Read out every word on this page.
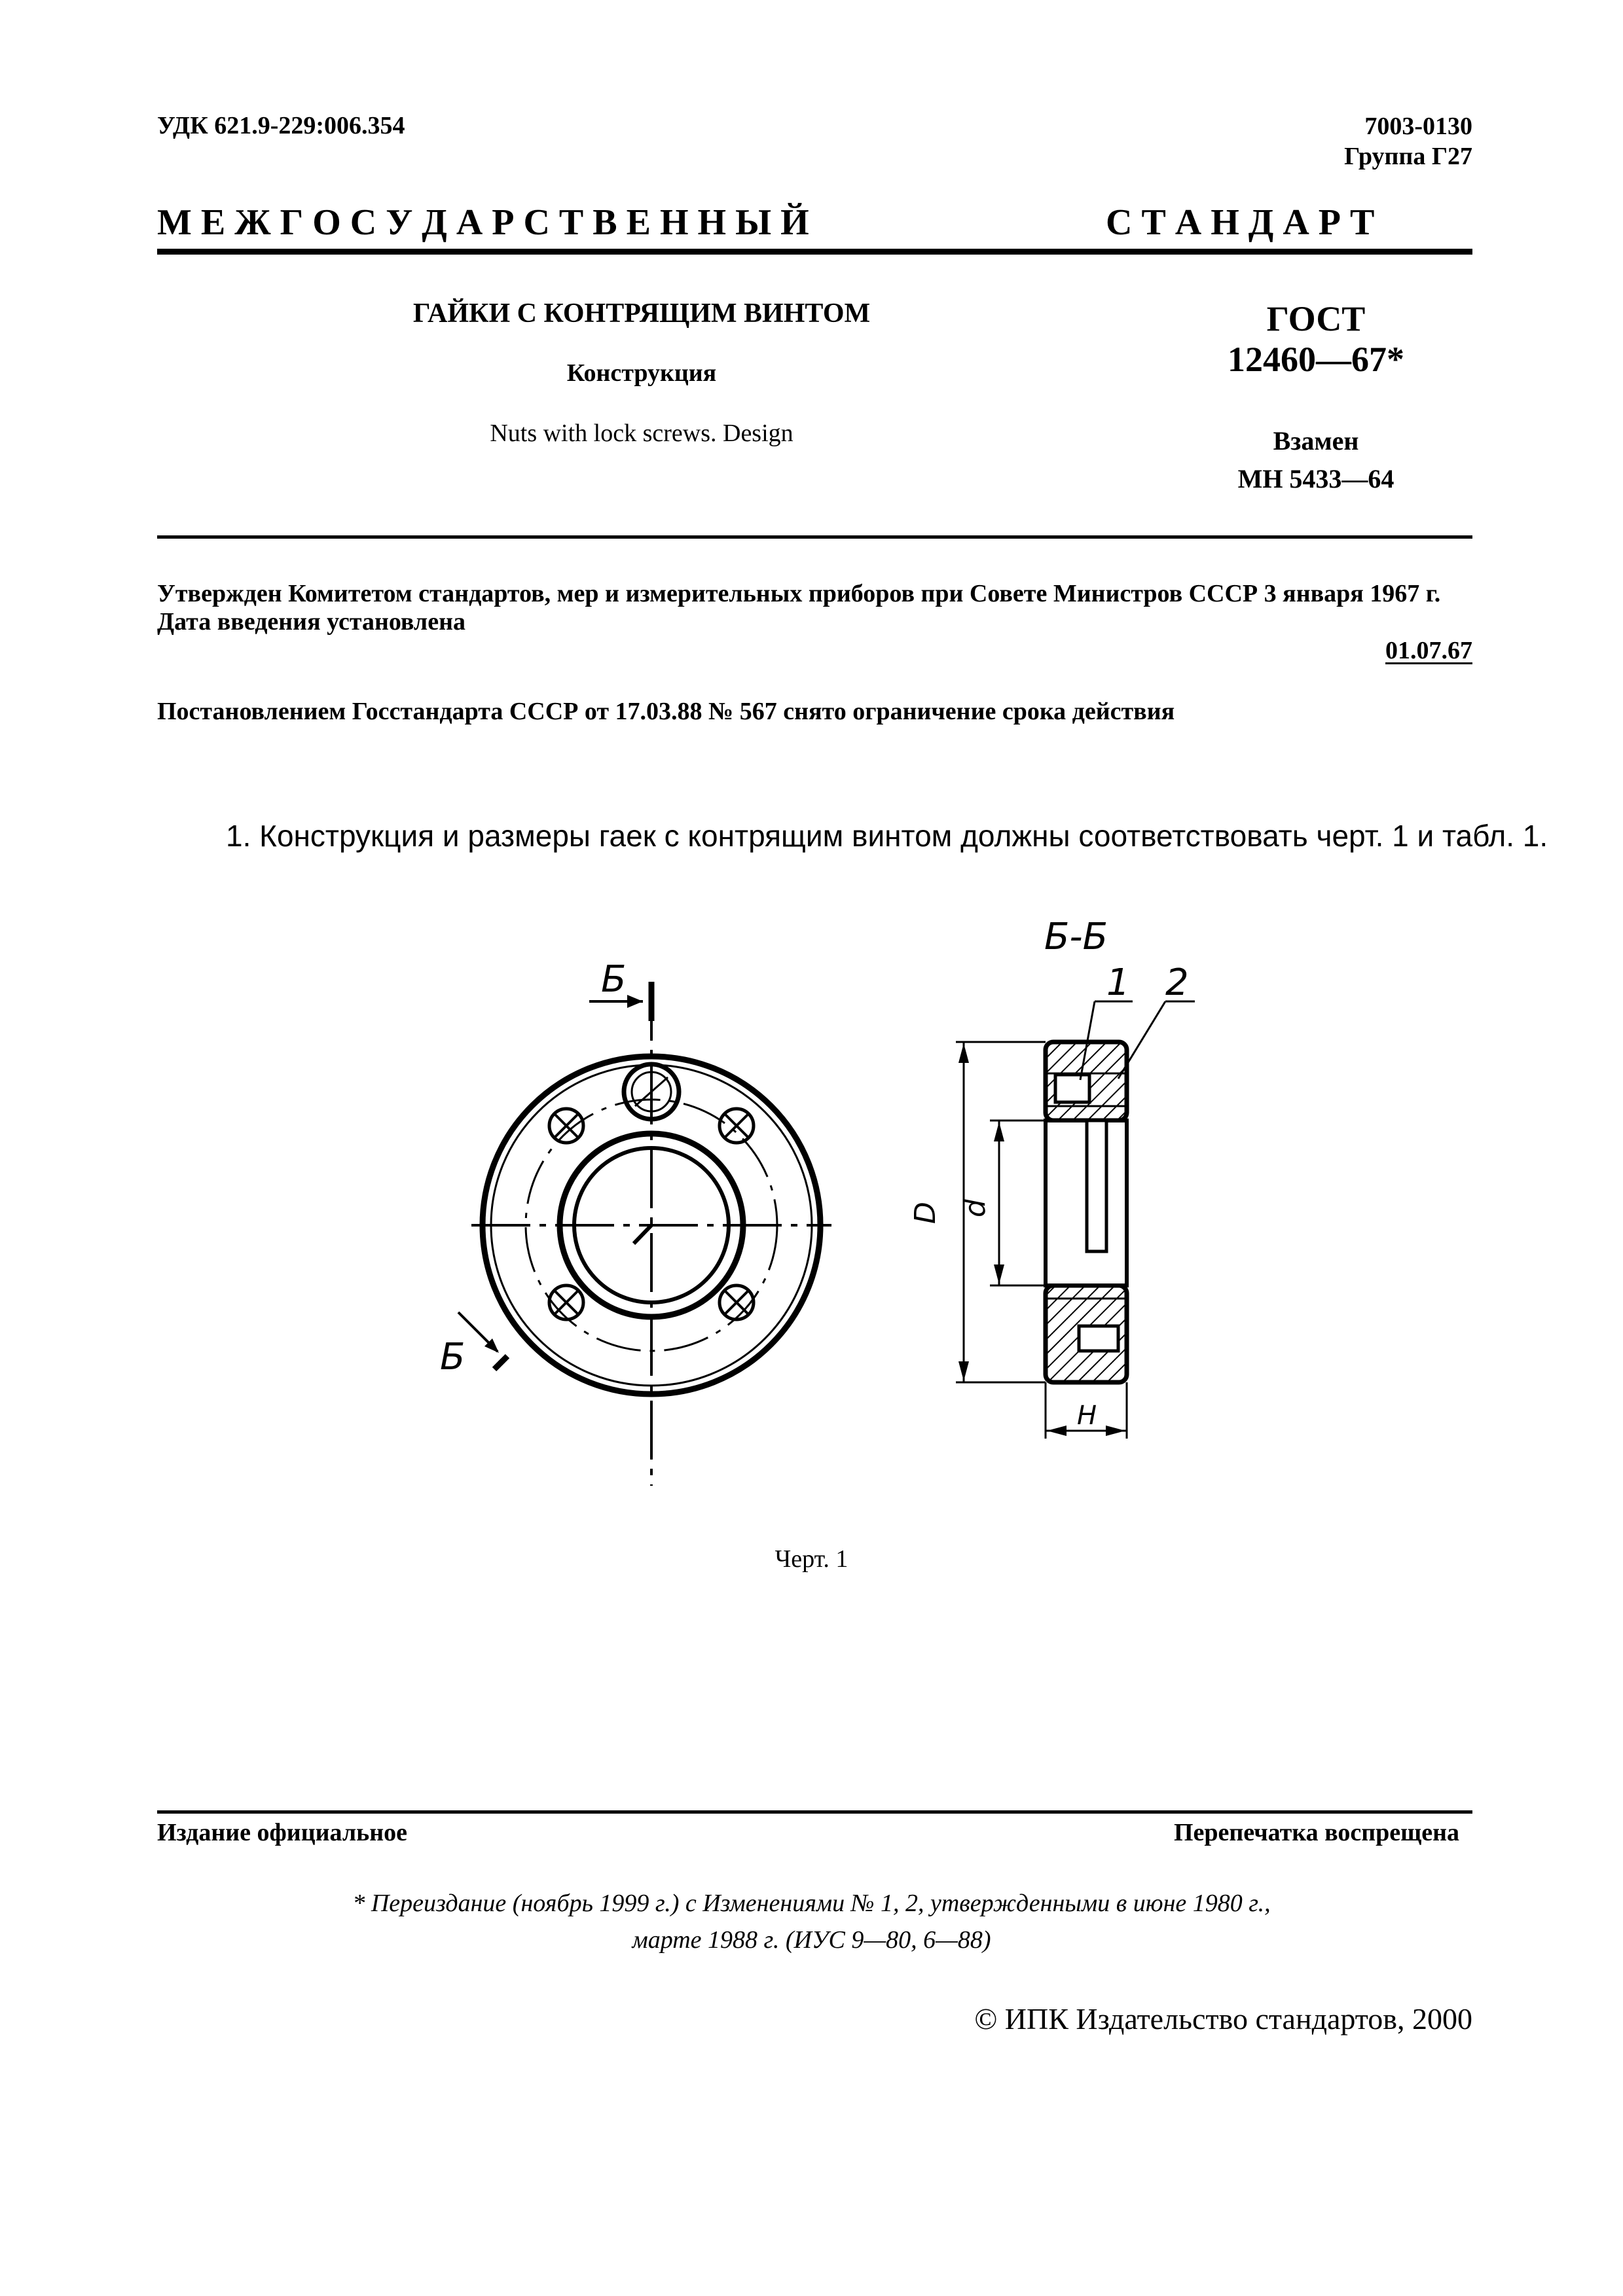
УДК 621.9-229:006.354	7003-0130
Группа Г27
М Е Ж Г О С У Д А Р С Т В Е Н Н Ы Й	С Т А Н Д А Р Т
ГАЙКИ С КОНТРЯЩИМ ВИНТОМ
Конструкция
Nuts with lock screws. Design
ГОСТ
12460—67*
Взамен
МН 5433—64
Утвержден Комитетом стандартов, мер и измерительных приборов при Совете Министров СССР 3 января 1967 г.
Дата введения установлена
01.07.67
Постановлением Госстандарта СССР от 17.03.88 № 567 снято ограничение срока действия
1. Конструкция и размеры гаек с контрящим винтом должны соответствовать черт. 1 и табл. 1.
Б
Б
Б-Б
1 2
D d
H
Черт. 1
Издание официальное	Перепечатка воспрещена
* Переиздание (ноябрь 1999 г.) с Изменениями № 1, 2, утвержденными в июне 1980 г.,
марте 1988 г. (ИУС 9—80, 6—88)
© ИПК Издательство стандартов, 2000
